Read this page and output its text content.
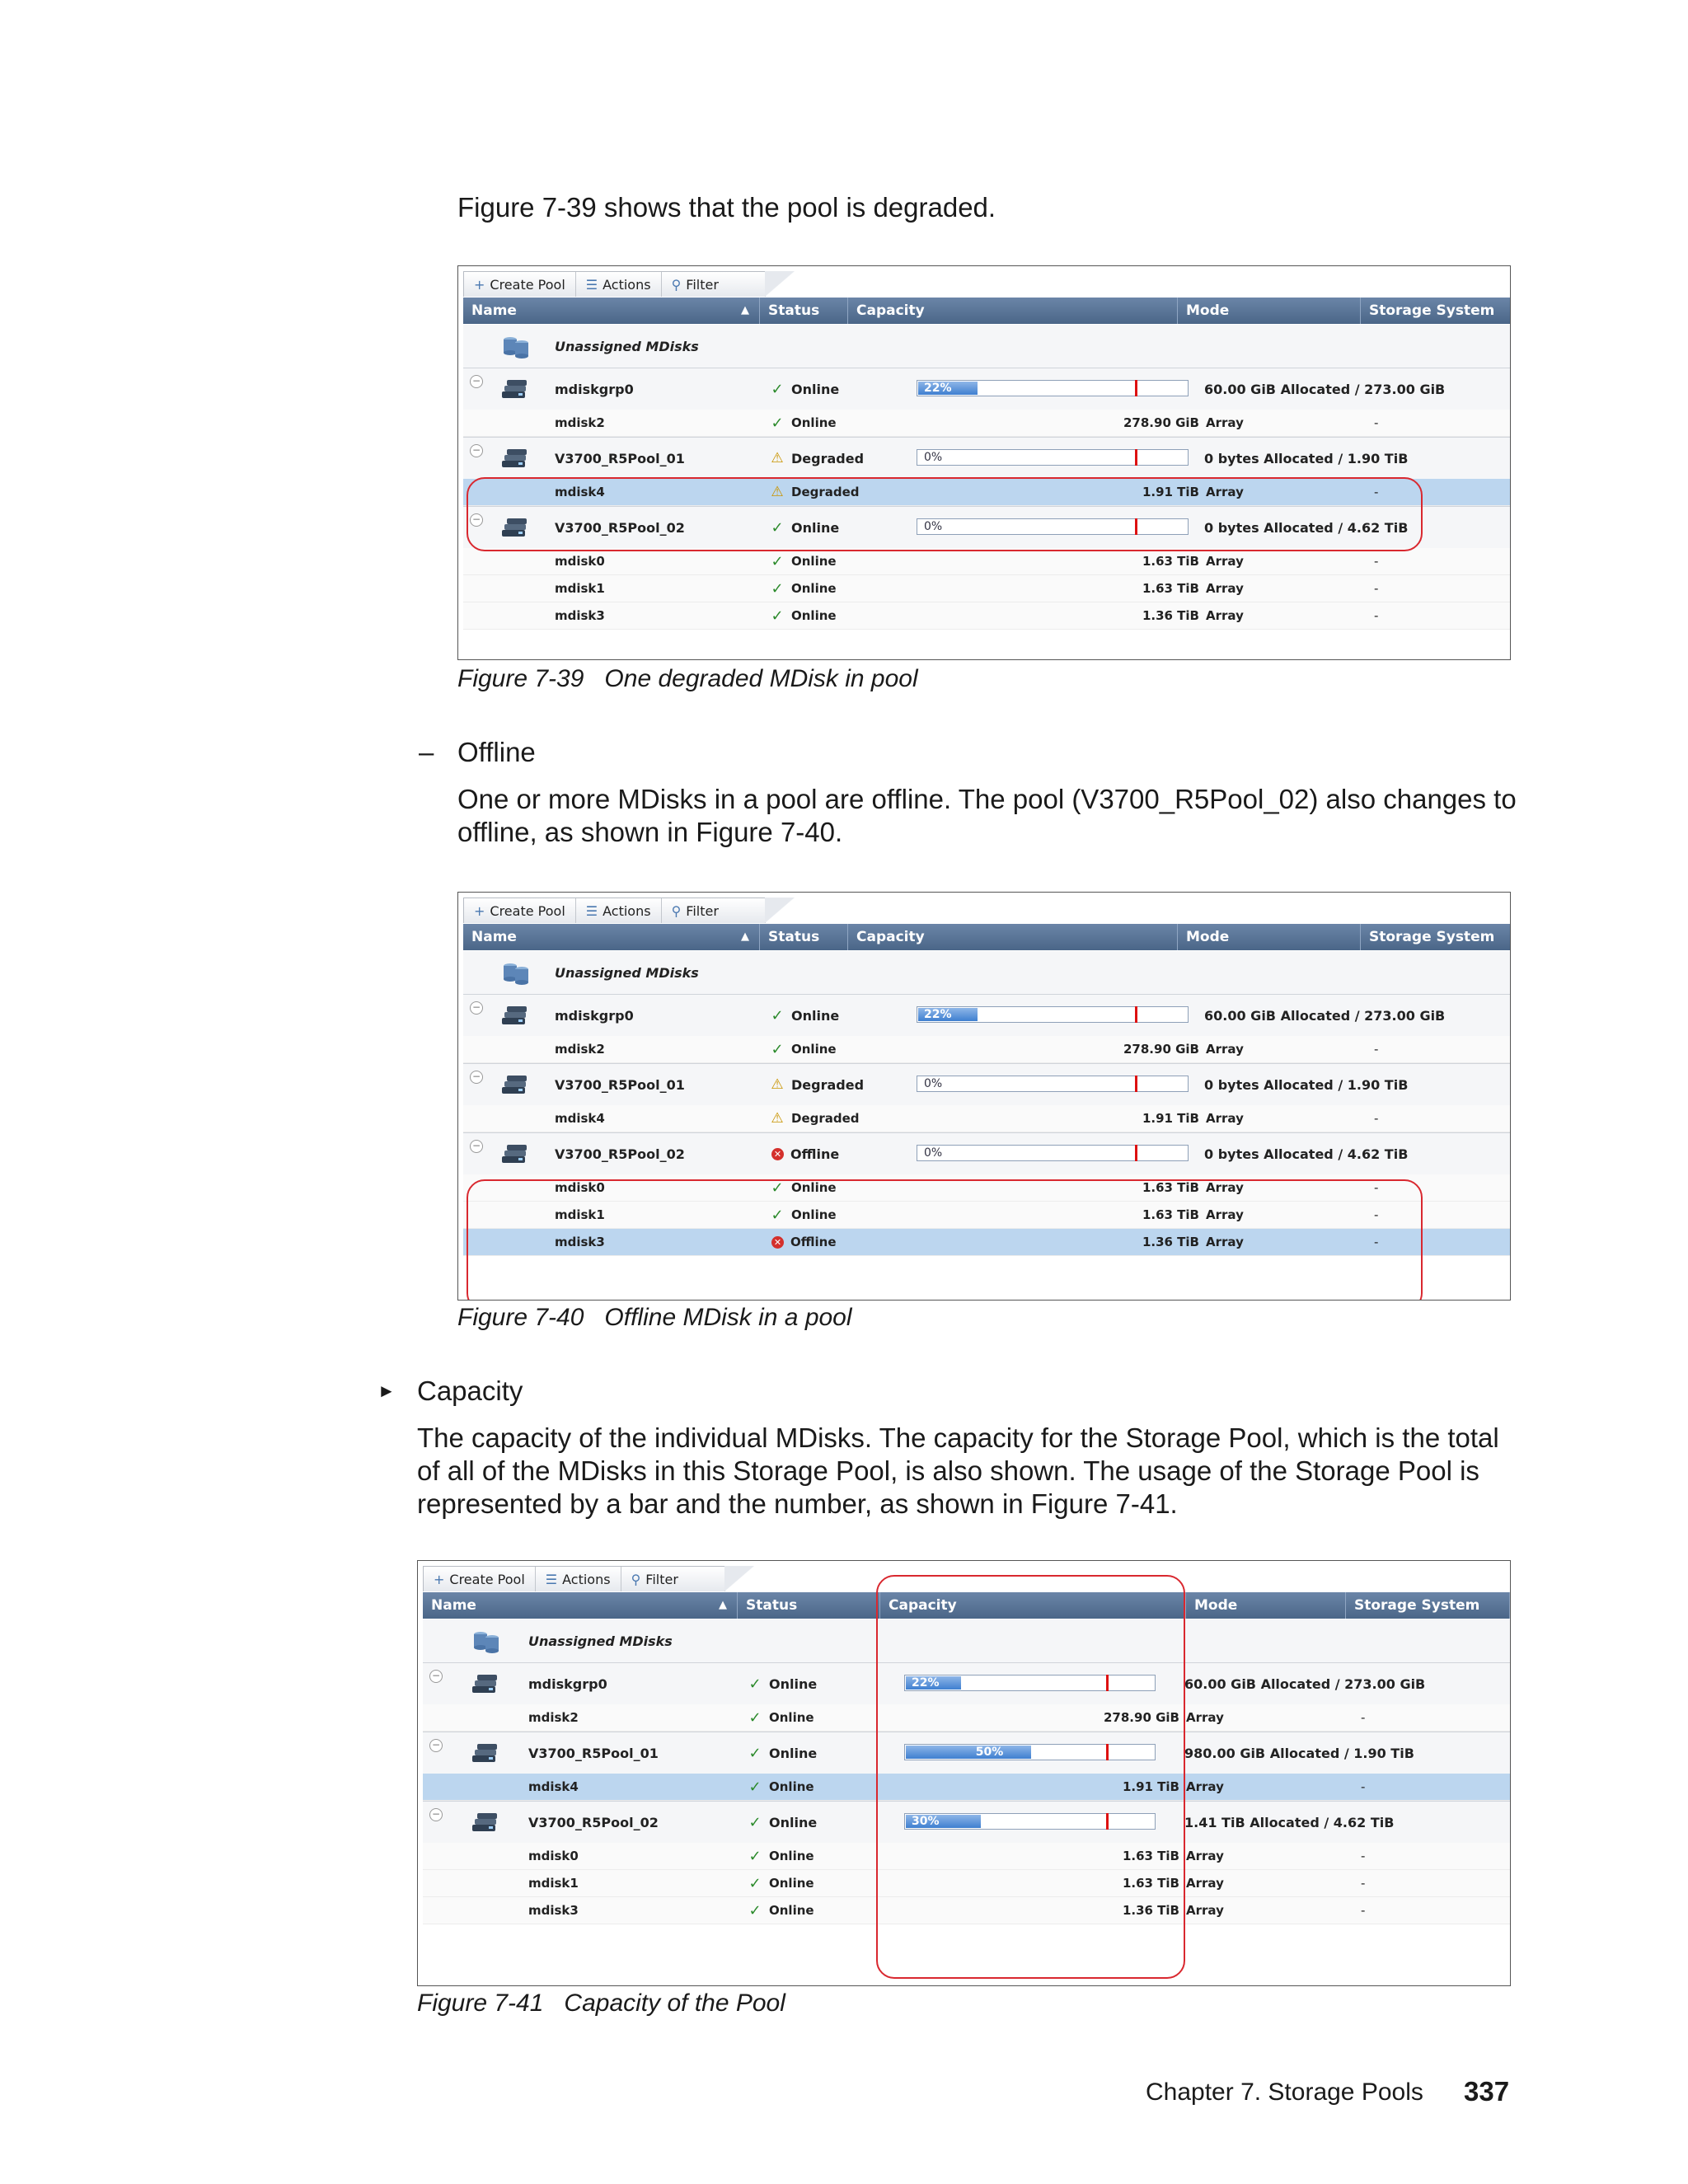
Figure 7-39 shows that the pool is degraded.

+ Create Pool ☰ Actions ⚲ Filter
Name	▲	Status	Capacity	Mode	Storage System
Unassigned MDisks
−
mdiskgrp0	✓ Online	22%	60.00 GiB Allocated / 273.00 GiB
mdisk2	✓ Online	278.90 GiB Array	-
−
V3700_R5Pool_01	⚠ Degraded	0%	0 bytes Allocated / 1.90 TiB
mdisk4	⚠ Degraded	1.91 TiB Array	-
−
V3700_R5Pool_02	✓ Online	0%	0 bytes Allocated / 4.62 TiB
mdisk0	✓ Online	1.63 TiB Array	-
mdisk1	✓ Online	1.63 TiB Array	-
mdisk3	✓ Online	1.36 TiB Array	-

Figure 7-39   One degraded MDisk in pool

– Offline

One or more MDisks in a pool are offline. The pool (V3700_R5Pool_02) also changes to offline, as shown in Figure 7-40.

+ Create Pool ☰ Actions ⚲ Filter
Name	▲	Status	Capacity	Mode	Storage System
Unassigned MDisks
−
mdiskgrp0	✓ Online	22%	60.00 GiB Allocated / 273.00 GiB
mdisk2	✓ Online	278.90 GiB Array	-
−
V3700_R5Pool_01	⚠ Degraded	0%	0 bytes Allocated / 1.90 TiB
mdisk4	⚠ Degraded	1.91 TiB Array	-
−
V3700_R5Pool_02	✕ Offline	0%	0 bytes Allocated / 4.62 TiB
mdisk0	✓ Online	1.63 TiB Array	-
mdisk1	✓ Online	1.63 TiB Array	-
mdisk3	✕ Offline	1.36 TiB Array	-

Figure 7-40   Offline MDisk in a pool

► Capacity

The capacity of the individual MDisks. The capacity for the Storage Pool, which is the total of all of the MDisks in this Storage Pool, is also shown. The usage of the Storage Pool is represented by a bar and the number, as shown in Figure 7-41.

+ Create Pool ☰ Actions ⚲ Filter
Name	▲	Status	Capacity	Mode	Storage System
Unassigned MDisks
−
mdiskgrp0	✓ Online	22%	60.00 GiB Allocated / 273.00 GiB
mdisk2	✓ Online	278.90 GiB Array	-
−
V3700_R5Pool_01	✓ Online	50%	980.00 GiB Allocated / 1.90 TiB
mdisk4	✓ Online	1.91 TiB Array	-
−
V3700_R5Pool_02	✓ Online	30%	1.41 TiB Allocated / 4.62 TiB
mdisk0	✓ Online	1.63 TiB Array	-
mdisk1	✓ Online	1.63 TiB Array	-
mdisk3	✓ Online	1.36 TiB Array	-

Figure 7-41   Capacity of the Pool

Chapter 7. Storage Pools 337
